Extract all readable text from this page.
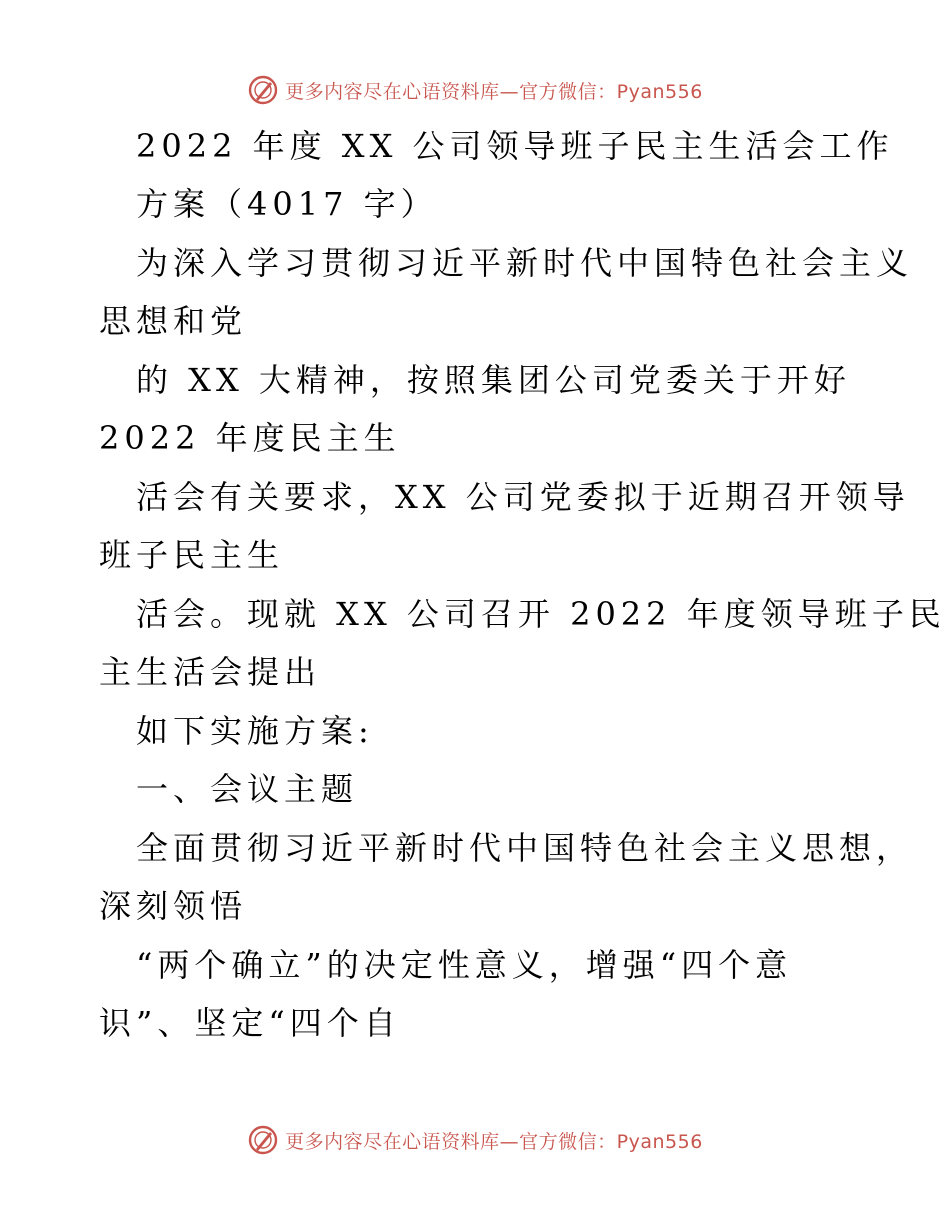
更多内容尽在心语资料库—官方微信：Pyan556
2022 年度 XX 公司领导班子民主生活会工作
方案（4017 字）
为深入学习贯彻习近平新时代中国特色社会主义
思想和党
的 XX 大精神，按照集团公司党委关于开好
2022 年度民主生
活会有关要求，XX 公司党委拟于近期召开领导
班子民主生
活会。现就 XX 公司召开 2022 年度领导班子民
主生活会提出
如下实施方案:
一、会议主题
全面贯彻习近平新时代中国特色社会主义思想，
深刻领悟
“两个确立”的决定性意义，增强“四个意
识”、坚定“四个自
更多内容尽在心语资料库—官方微信：Pyan556
